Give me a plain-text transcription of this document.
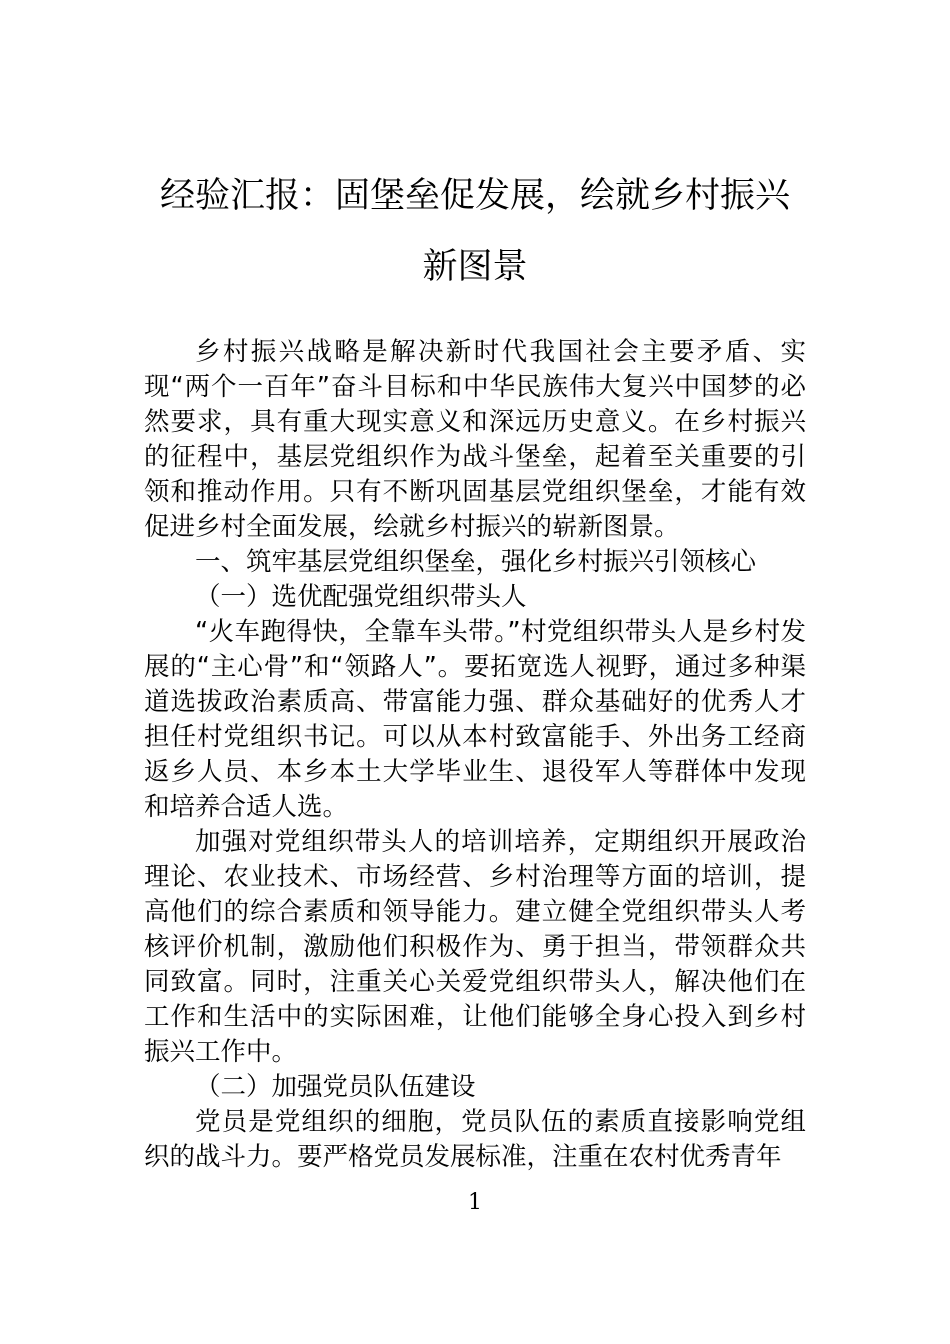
经验汇报：固堡垒促发展，绘就乡村振兴
新图景

乡村振兴战略是解决新时代我国社会主要矛盾、实现“两个一百年”奋斗目标和中华民族伟大复兴中国梦的必然要求，具有重大现实意义和深远历史意义。在乡村振兴的征程中，基层党组织作为战斗堡垒，起着至关重要的引领和推动作用。只有不断巩固基层党组织堡垒，才能有效促进乡村全面发展，绘就乡村振兴的崭新图景。

一、筑牢基层党组织堡垒，强化乡村振兴引领核心

（一）选优配强党组织带头人

“火车跑得快，全靠车头带。”村党组织带头人是乡村发展的“主心骨”和“领路人”。要拓宽选人视野，通过多种渠道选拔政治素质高、带富能力强、群众基础好的优秀人才担任村党组织书记。可以从本村致富能手、外出务工经商返乡人员、本乡本土大学毕业生、退役军人等群体中发现和培养合适人选。

加强对党组织带头人的培训培养，定期组织开展政治理论、农业技术、市场经营、乡村治理等方面的培训，提高他们的综合素质和领导能力。建立健全党组织带头人考核评价机制，激励他们积极作为、勇于担当，带领群众共同致富。同时，注重关心关爱党组织带头人，解决他们在工作和生活中的实际困难，让他们能够全身心投入到乡村振兴工作中。

（二）加强党员队伍建设

党员是党组织的细胞，党员队伍的素质直接影响党组织的战斗力。要严格党员发展标准，注重在农村优秀青年

1
